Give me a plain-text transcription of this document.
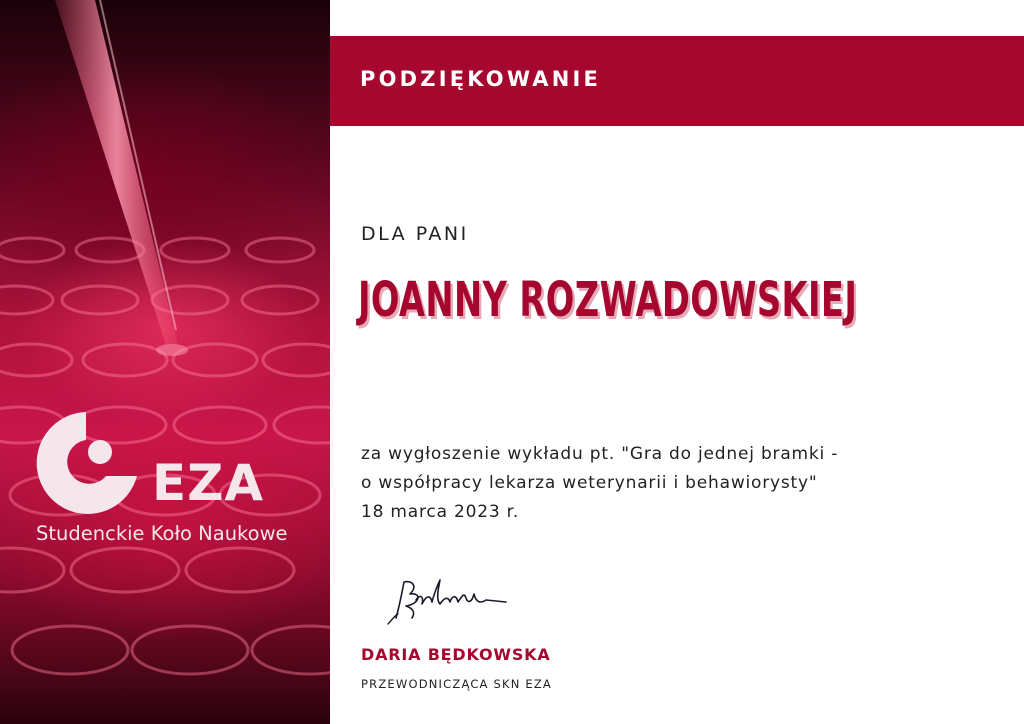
EZA
Studenckie Koło Naukowe
PODZIĘKOWANIE
DLA PANI
JOANNY ROZWADOWSKIEJ
za wygłoszenie wykładu pt. "Gra do jednej bramki -
o współpracy lekarza weterynarii i behawiorysty"
18 marca 2023 r.
DARIA BĘDKOWSKA
PRZEWODNICZĄCA SKN EZA
